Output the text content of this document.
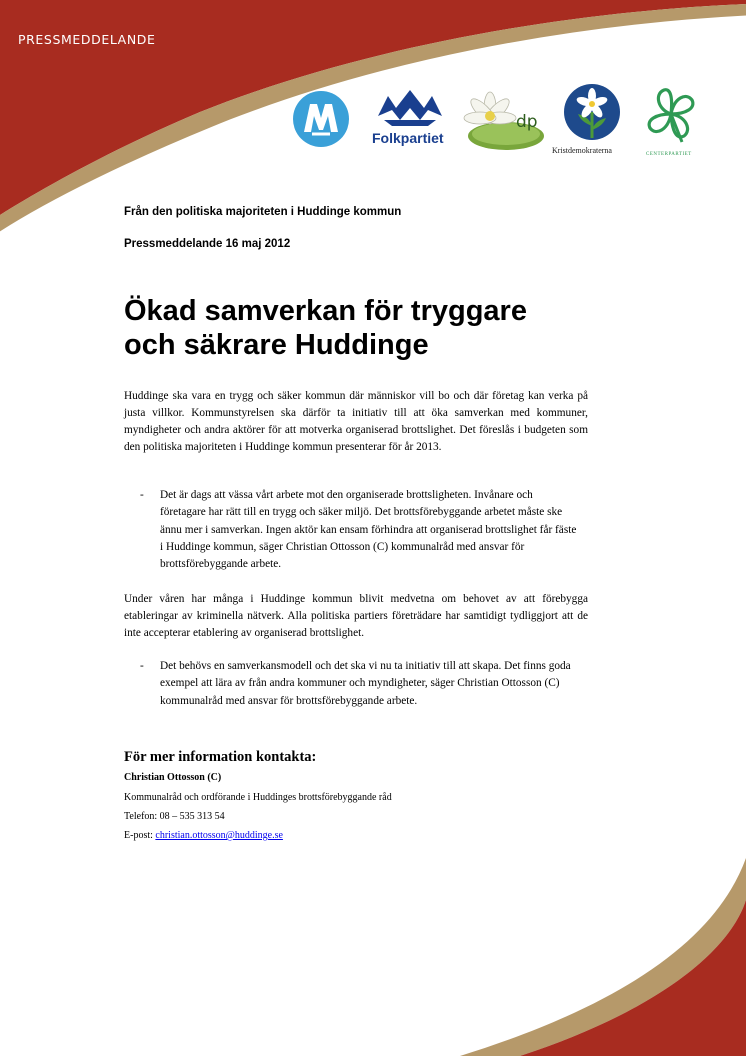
PRESSMEDDELANDE
Folkpartiet
dp
Kristdemokraterna	CENTERPARTIET
Från den politiska majoriteten i Huddinge kommun
Pressmeddelande 16 maj 2012
Ökad samverkan för tryggare
och säkrare Huddinge

Huddinge ska vara en trygg och säker kommun där människor vill bo och där företag kan verka på justa villkor. Kommunstyrelsen ska därför ta initiativ till att öka samverkan med kommuner, myndigheter och andra aktörer för att motverka organiserad brottslighet. Det föreslås i budgeten som den politiska majoriteten i Huddinge kommun presenterar för år 2013.

- Det är dags att vässa vårt arbete mot den organiserade brottsligheten. Invånare och företagare har rätt till en trygg och säker miljö. Det brottsförebyggande arbetet måste ske ännu mer i samverkan. Ingen aktör kan ensam förhindra att organiserad brottslighet får fäste i Huddinge kommun, säger Christian Ottosson (C) kommunalråd med ansvar för brottsförebyggande arbete.

Under våren har många i Huddinge kommun blivit medvetna om behovet av att förebygga etableringar av kriminella nätverk. Alla politiska partiers företrädare har samtidigt tydliggjort att de inte accepterar etablering av organiserad brottslighet.

- Det behövs en samverkansmodell och det ska vi nu ta initiativ till att skapa. Det finns goda exempel att lära av från andra kommuner och myndigheter, säger Christian Ottosson (C) kommunalråd med ansvar för brottsförebyggande arbete.
För mer information kontakta:
Christian Ottosson (C)
Kommunalråd och ordförande i Huddinges brottsförebyggande råd
Telefon: 08 – 535 313 54
E-post: christian.ottosson@huddinge.se
